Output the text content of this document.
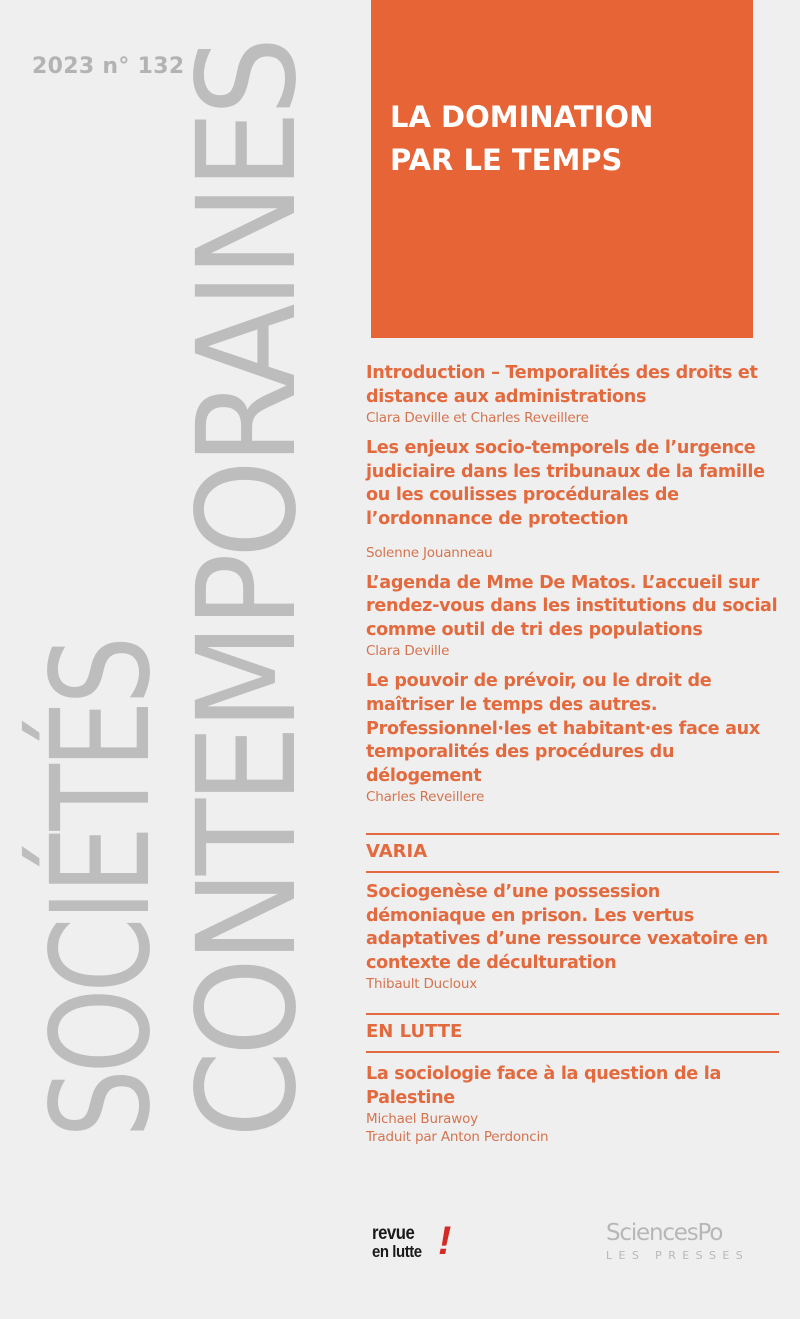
2023 n° 132
CONTEMPORAINES
SOCIÉTÉS
LA DOMINATION
PAR LE TEMPS
Introduction – Temporalités des droits et distance aux administrations
Clara Deville et Charles Reveillere
Les enjeux socio-temporels de l’urgence judiciaire dans les tribunaux de la famille ou les coulisses procédurales de l’ordonnance de protection
Solenne Jouanneau
L’agenda de Mme De Matos. L’accueil sur rendez-vous dans les institutions du social comme outil de tri des populations
Clara Deville
Le pouvoir de prévoir, ou le droit de maîtriser le temps des autres. Professionnel·les et habitant·es face aux temporalités des procédures du délogement
Charles Reveillere
VARIA
Sociogenèse d’une possession démoniaque en prison. Les vertus adaptatives d’une ressource vexatoire en contexte de déculturation
Thibault Ducloux
EN LUTTE
La sociologie face à la question de la Palestine
Michael Burawoy
Traduit par Anton Perdoncin
revue
en lutte !	SciencesPo
LES PRESSES
